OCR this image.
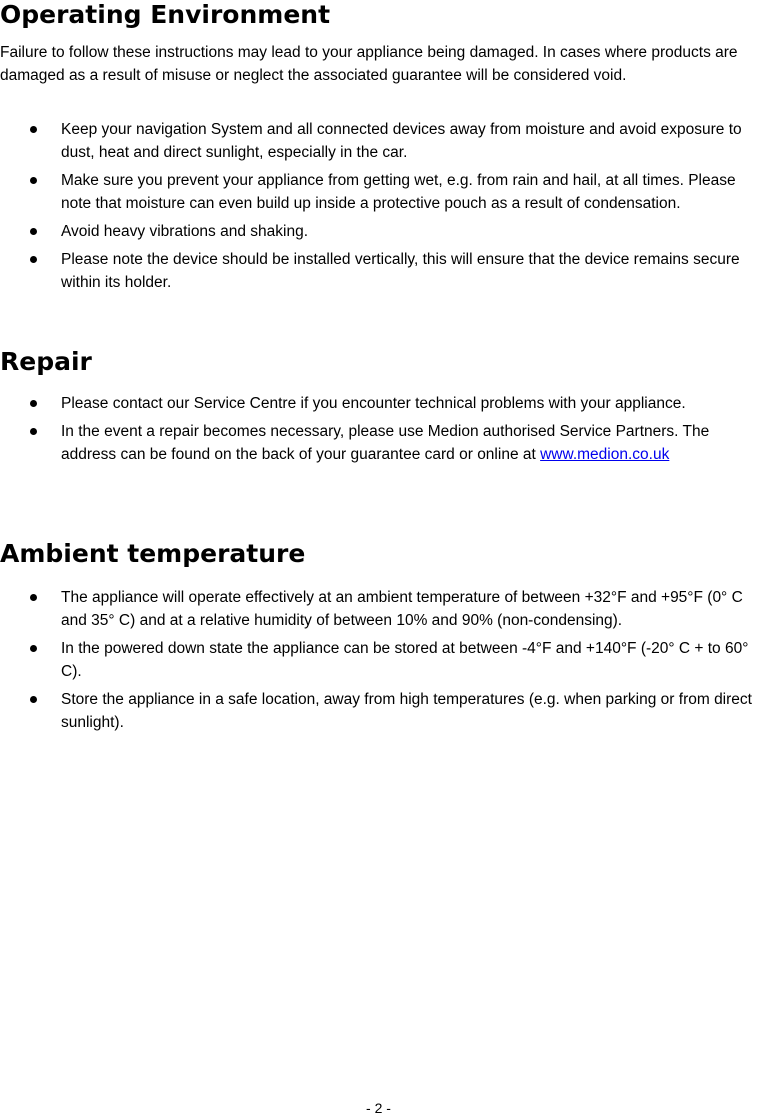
Operating Environment

Failure to follow these instructions may lead to your appliance being damaged. In cases where products are damaged as a result of misuse or neglect the associated guarantee will be considered void.

Keep your navigation System and all connected devices away from moisture and avoid exposure to dust, heat and direct sunlight, especially in the car.
Make sure you prevent your appliance from getting wet, e.g. from rain and hail, at all times. Please note that moisture can even build up inside a protective pouch as a result of condensation.
Avoid heavy vibrations and shaking.
Please note the device should be installed vertically, this will ensure that the device remains secure within its holder.
Repair
Please contact our Service Centre if you encounter technical problems with your appliance.
In the event a repair becomes necessary, please use Medion authorised Service Partners. The address can be found on the back of your guarantee card or online at www.medion.co.uk
Ambient temperature
The appliance will operate effectively at an ambient temperature of between +32°F and +95°F (0° C and 35° C) and at a relative humidity of between 10% and 90% (non-condensing).
In the powered down state the appliance can be stored at between -4°F and +140°F (-20° C + to 60° C).
Store the appliance in a safe location, away from high temperatures (e.g. when parking or from direct sunlight).
- 2 -
